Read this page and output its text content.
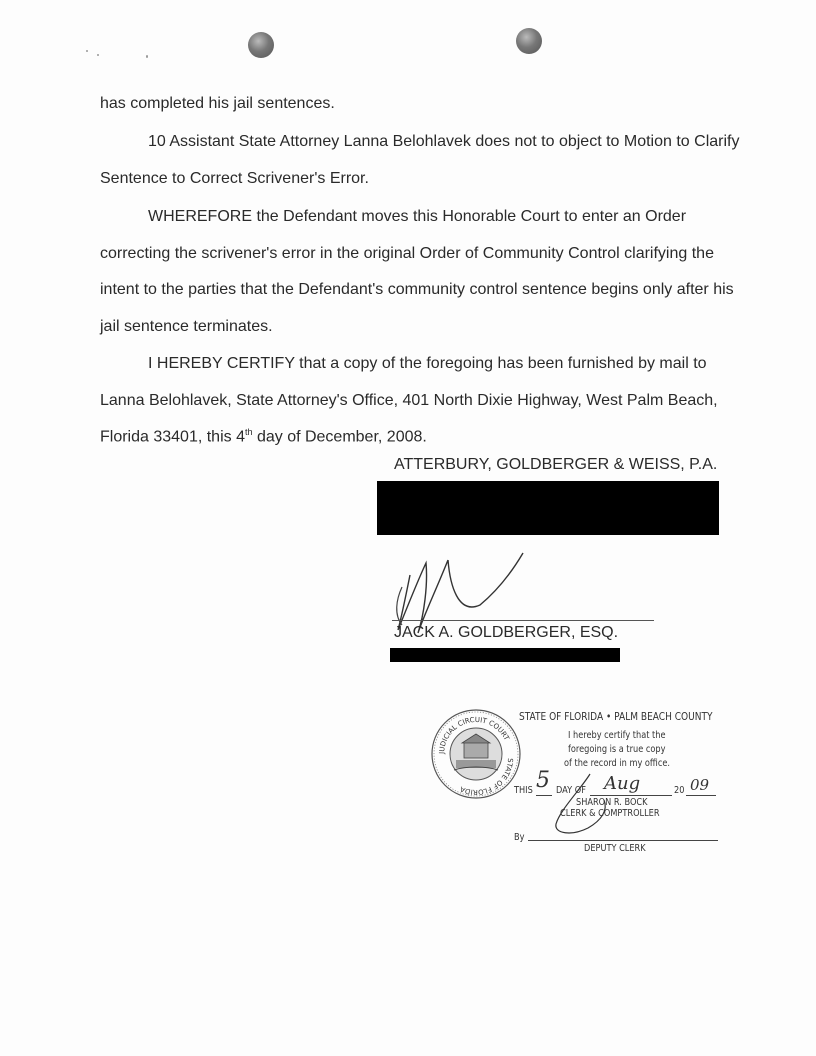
has completed his jail sentences.
10 Assistant State Attorney Lanna Belohlavek does not to object to Motion to Clarify
Sentence to Correct Scrivener's Error.
WHEREFORE the Defendant moves this Honorable Court to enter an Order
correcting the scrivener's error in the original Order of Community Control clarifying the
intent to the parties that the Defendant's community control sentence begins only after his
jail sentence terminates.
I HEREBY CERTIFY that a copy of the foregoing has been furnished by mail to
Lanna Belohlavek, State Attorney's Office, 401 North Dixie Highway, West Palm Beach,
Florida 33401, this 4th day of December, 2008.
ATTERBURY, GOLDBERGER & WEISS, P.A.
JACK A. GOLDBERGER, ESQ.
JUDICIAL CIRCUIT COURT
STATE OF FLORIDA
STATE OF FLORIDA • PALM BEACH COUNTY
I hereby certify that the
foregoing is a true copy
of the record in my office.
THIS DAY OF	20
5	Aug	09
SHARON R. BOCK
CLERK & COMPTROLLER
By
DEPUTY CLERK
